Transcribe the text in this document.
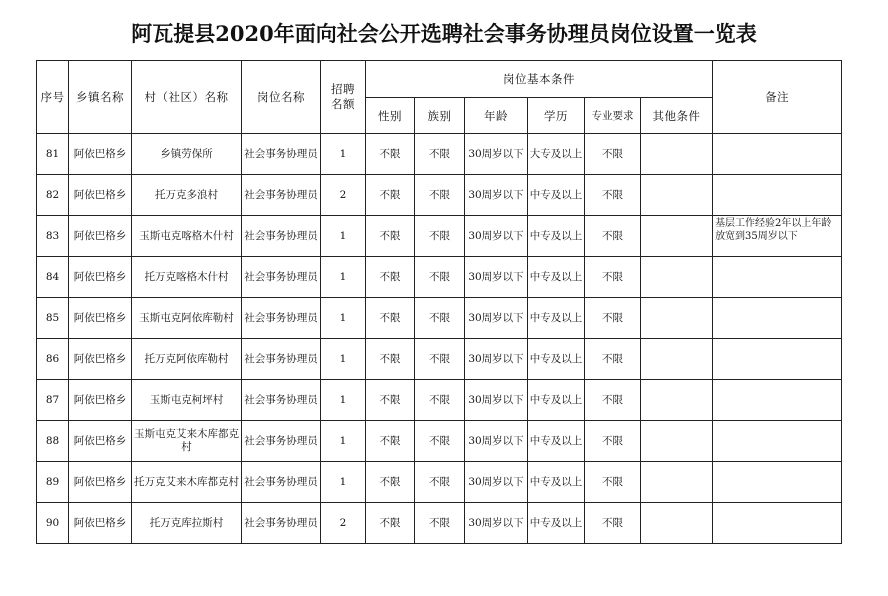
阿瓦提县2020年面向社会公开选聘社会事务协理员岗位设置一览表
序号	乡镇名称	村（社区）名称	岗位名称	招聘名额	岗位基本条件						备注
					性别	族别	年龄	学历	专业要求	其他条件	
81	阿依巴格乡	乡镇劳保所	社会事务协理员	1	不限	不限	30周岁以下	大专及以上	不限		
82	阿依巴格乡	托万克多浪村	社会事务协理员	2	不限	不限	30周岁以下	中专及以上	不限		
83	阿依巴格乡	玉斯屯克喀格木什村	社会事务协理员	1	不限	不限	30周岁以下	中专及以上	不限		基层工作经验2年以上年龄放宽到35周岁以下
84	阿依巴格乡	托万克喀格木什村	社会事务协理员	1	不限	不限	30周岁以下	中专及以上	不限		
85	阿依巴格乡	玉斯屯克阿依库勒村	社会事务协理员	1	不限	不限	30周岁以下	中专及以上	不限		
86	阿依巴格乡	托万克阿依库勒村	社会事务协理员	1	不限	不限	30周岁以下	中专及以上	不限		
87	阿依巴格乡	玉斯屯克柯坪村	社会事务协理员	1	不限	不限	30周岁以下	中专及以上	不限		
88	阿依巴格乡	玉斯屯克艾来木库都克村	社会事务协理员	1	不限	不限	30周岁以下	中专及以上	不限		
89	阿依巴格乡	托万克艾来木库都克村	社会事务协理员	1	不限	不限	30周岁以下	中专及以上	不限		
90	阿依巴格乡	托万克库拉斯村	社会事务协理员	2	不限	不限	30周岁以下	中专及以上	不限		
